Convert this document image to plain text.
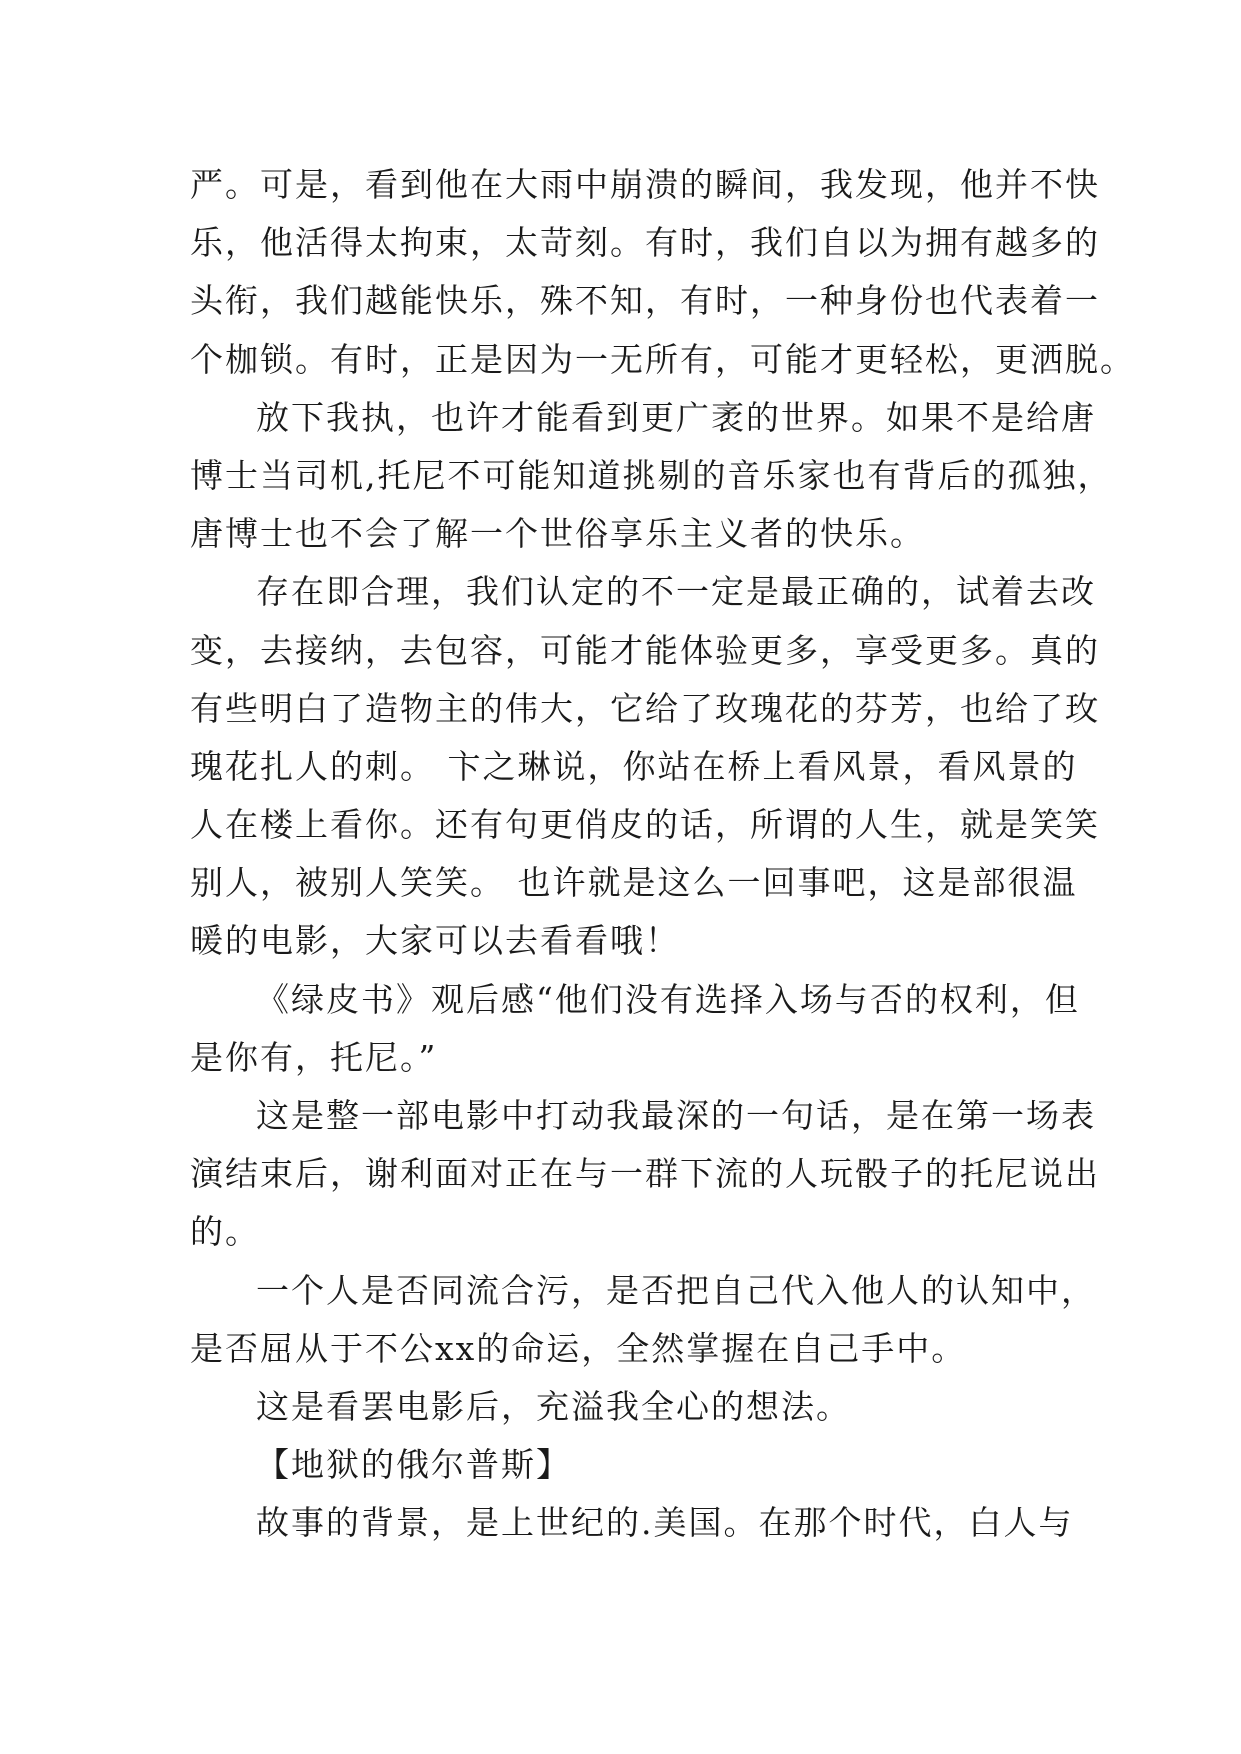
严。可是，看到他在大雨中崩溃的瞬间，我发现，他并不快
乐，他活得太拘束，太苛刻。有时，我们自以为拥有越多的
头衔，我们越能快乐，殊不知，有时，一种身份也代表着一
个枷锁。有时，正是因为一无所有，可能才更轻松，更洒脱。
放下我执，也许才能看到更广袤的世界。如果不是给唐
博士当司机,托尼不可能知道挑剔的音乐家也有背后的孤独，
唐博士也不会了解一个世俗享乐主义者的快乐。
存在即合理，我们认定的不一定是最正确的，试着去改
变，去接纳，去包容，可能才能体验更多，享受更多。真的
有些明白了造物主的伟大，它给了玫瑰花的芬芳，也给了玫
瑰花扎人的刺。 卞之琳说，你站在桥上看风景，看风景的
人在楼上看你。还有句更俏皮的话，所谓的人生，就是笑笑
别人，被别人笑笑。 也许就是这么一回事吧，这是部很温
暖的电影，大家可以去看看哦！
《绿皮书》观后感“他们没有选择入场与否的权利，但
是你有，托尼。”
这是整一部电影中打动我最深的一句话，是在第一场表
演结束后，谢利面对正在与一群下流的人玩骰子的托尼说出
的。
一个人是否同流合污，是否把自己代入他人的认知中，
是否屈从于不公xx的命运，全然掌握在自己手中。
这是看罢电影后，充溢我全心的想法。
【地狱的俄尔普斯】
故事的背景，是上世纪的.美国。在那个时代，白人与
